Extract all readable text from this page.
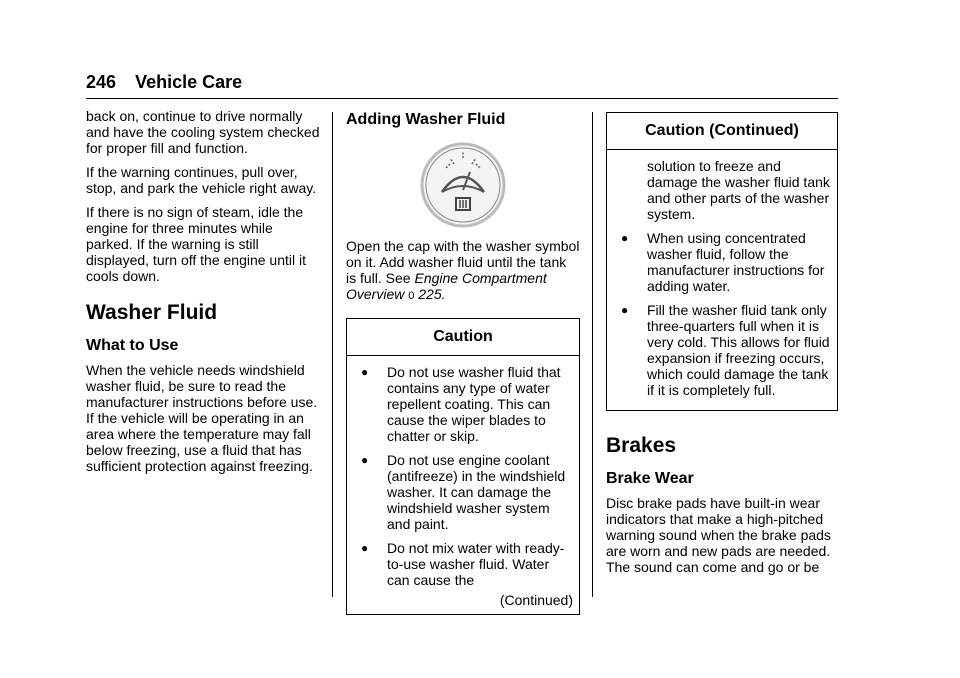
246 Vehicle Care

back on, continue to drive normally and have the cooling system checked for proper fill and function.

If the warning continues, pull over, stop, and park the vehicle right away.

If there is no sign of steam, idle the engine for three minutes while parked. If the warning is still displayed, turn off the engine until it cools down.

Washer Fluid
What to Use

When the vehicle needs windshield washer fluid, be sure to read the manufacturer instructions before use. If the vehicle will be operating in an area where the temperature may fall below freezing, use a fluid that has sufficient protection against freezing.

Adding Washer Fluid

Open the cap with the washer symbol on it. Add washer fluid until the tank is full. See Engine Compartment Overview 0 225.

Caution
●	Do not use washer fluid that contains any type of water repellent coating. This can cause the wiper blades to chatter or skip.
●	Do not use engine coolant (antifreeze) in the windshield washer. It can damage the windshield washer system and paint.
●	Do not mix water with ready-to-use washer fluid. Water can cause the
(Continued)
Caution (Continued)
solution to freeze and damage the washer fluid tank and other parts of the washer system.
●	When using concentrated washer fluid, follow the manufacturer instructions for adding water.
●	Fill the washer fluid tank only three-quarters full when it is very cold. This allows for fluid expansion if freezing occurs, which could damage the tank if it is completely full.
Brakes
Brake Wear

Disc brake pads have built-in wear indicators that make a high-pitched warning sound when the brake pads are worn and new pads are needed. The sound can come and go or be
